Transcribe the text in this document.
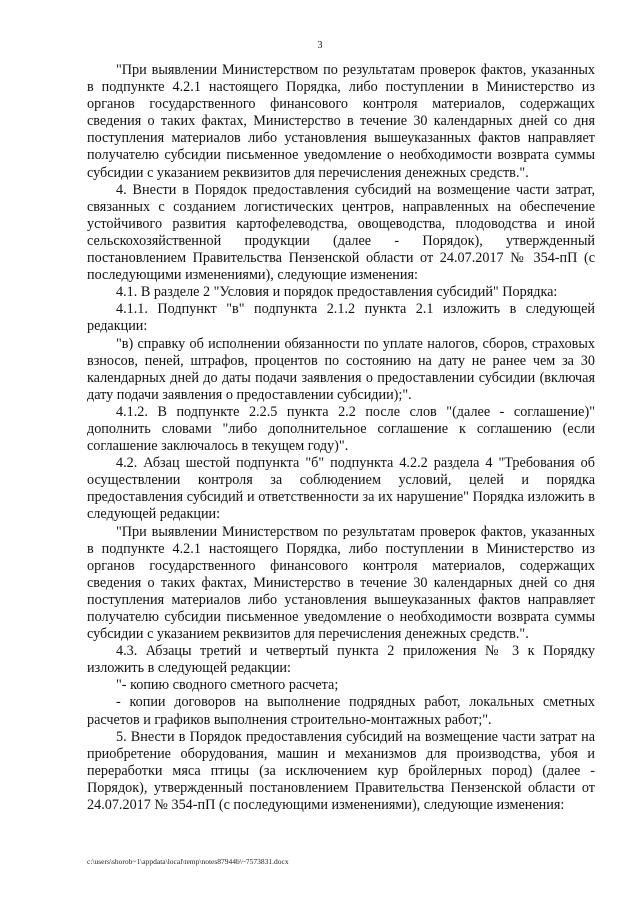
3

"При выявлении Министерством по результатам проверок фактов, указанных в подпункте 4.2.1 настоящего Порядка, либо поступлении в Министерство из органов государственного финансового контроля материалов, содержащих сведения о таких фактах, Министерство в течение 30 календарных дней со дня поступления материалов либо установления вышеуказанных фактов направляет получателю субсидии письменное уведомление о необходимости возврата суммы субсидии с указанием реквизитов для перечисления денежных средств.".

4. Внести в Порядок предоставления субсидий на возмещение части затрат, связанных с созданием логистических центров, направленных на обеспечение устойчивого развития картофелеводства, овощеводства, плодоводства и иной сельскохозяйственной продукции (далее - Порядок), утвержденный постановлением Правительства Пензенской области от 24.07.2017 № 354-пП (с последующими изменениями), следующие изменения:

4.1. В разделе 2 "Условия и порядок предоставления субсидий" Порядка:

4.1.1. Подпункт "в" подпункта 2.1.2 пункта 2.1 изложить в следующей редакции:

"в) справку об исполнении обязанности по уплате налогов, сборов, страховых взносов, пеней, штрафов, процентов по состоянию на дату не ранее чем за 30 календарных дней до даты подачи заявления о предоставлении субсидии (включая дату подачи заявления о предоставлении субсидии);".

4.1.2. В подпункте 2.2.5 пункта 2.2 после слов "(далее - соглашение)" дополнить словами "либо дополнительное соглашение к соглашению (если соглашение заключалось в текущем году)".

4.2. Абзац шестой подпункта "б" подпункта 4.2.2 раздела 4 "Требования об осуществлении контроля за соблюдением условий, целей и порядка предоставления субсидий и ответственности за их нарушение" Порядка изложить в следующей редакции:

"При выявлении Министерством по результатам проверок фактов, указанных в подпункте 4.2.1 настоящего Порядка, либо поступлении в Министерство из органов государственного финансового контроля материалов, содержащих сведения о таких фактах, Министерство в течение 30 календарных дней со дня поступления материалов либо установления вышеуказанных фактов направляет получателю субсидии письменное уведомление о необходимости возврата суммы субсидии с указанием реквизитов для перечисления денежных средств.".

4.3. Абзацы третий и четвертый пункта 2 приложения № 3 к Порядку изложить в следующей редакции:

"- копию сводного сметного расчета;

- копии договоров на выполнение подрядных работ, локальных сметных расчетов и графиков выполнения строительно-монтажных работ;".

5. Внести в Порядок предоставления субсидий на возмещение части затрат на приобретение оборудования, машин и механизмов для производства, убоя и переработки мяса птицы (за исключением кур бройлерных пород) (далее - Порядок), утвержденный постановлением Правительства Пензенской области от 24.07.2017 № 354-пП (с последующими изменениями), следующие изменения:

c:\users\shorob~1\appdata\local\temp\notes87944b\~7573831.docx
